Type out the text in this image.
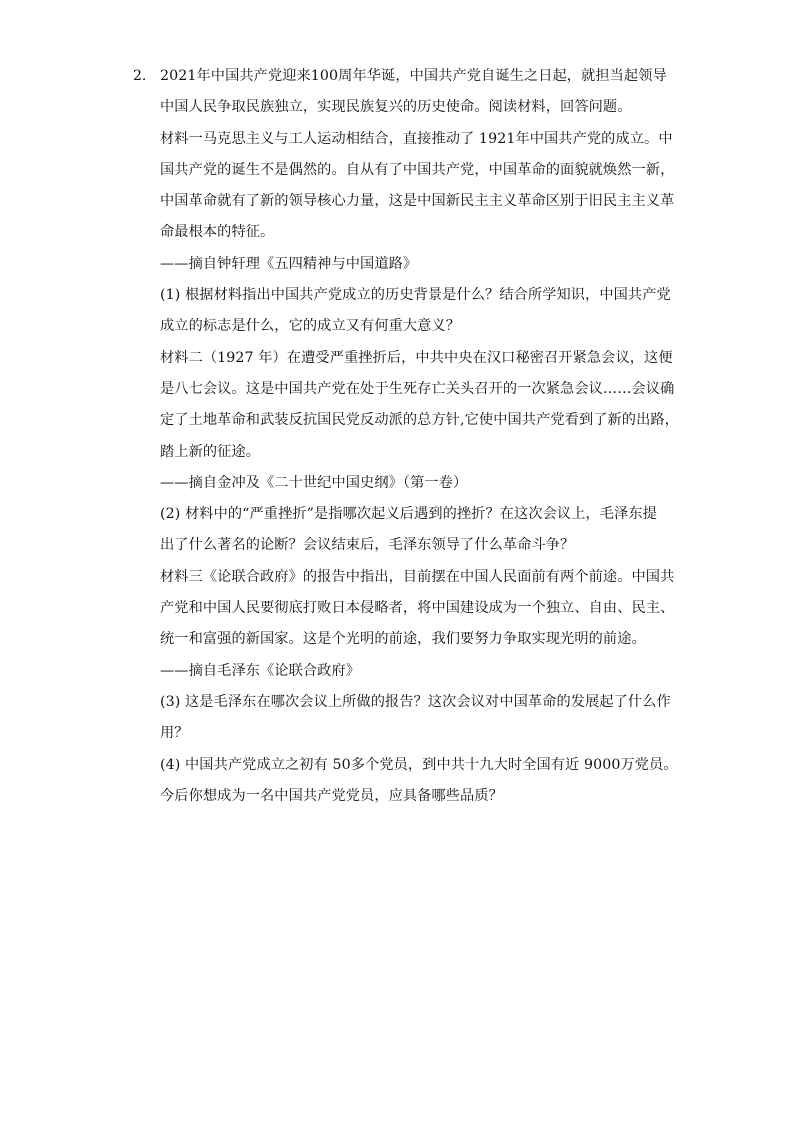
2. 2021年中国共产党迎来100周年华诞，中国共产党自诞生之日起，就担当起领导
中国人民争取民族独立，实现民族复兴的历史使命。阅读材料，回答问题。
材料一马克思主义与工人运动相结合，直接推动了 1921年中国共产党的成立。中
国共产党的诞生不是偶然的。自从有了中国共产党，中国革命的面貌就焕然一新，
中国革命就有了新的领导核心力量，这是中国新民主主义革命区别于旧民主主义革
命最根本的特征。
——摘自钟轩理《五四精神与中国道路》
(1) 根据材料指出中国共产党成立的历史背景是什么？结合所学知识，中国共产党
成立的标志是什么，它的成立又有何重大意义？
材料二（1927 年）在遭受严重挫折后，中共中央在汉口秘密召开紧急会议，这便
是八七会议。这是中国共产党在处于生死存亡关头召开的一次紧急会议……会议确
定了土地革命和武装反抗国民党反动派的总方针,它使中国共产党看到了新的出路，
踏上新的征途。
——摘自金冲及《二十世纪中国史纲》（第一卷）
(2) 材料中的“严重挫折”是指哪次起义后遇到的挫折？在这次会议上，毛泽东提
出了什么著名的论断？会议结束后，毛泽东领导了什么革命斗争？
材料三《论联合政府》的报告中指出，目前摆在中国人民面前有两个前途。中国共
产党和中国人民要彻底打败日本侵略者，将中国建设成为一个独立、自由、民主、
统一和富强的新国家。这是个光明的前途，我们要努力争取实现光明的前途。
——摘自毛泽东《论联合政府》
(3) 这是毛泽东在哪次会议上所做的报告？这次会议对中国革命的发展起了什么作
用？
(4) 中国共产党成立之初有 50多个党员，到中共十九大时全国有近 9000万党员。
今后你想成为一名中国共产党党员，应具备哪些品质？
